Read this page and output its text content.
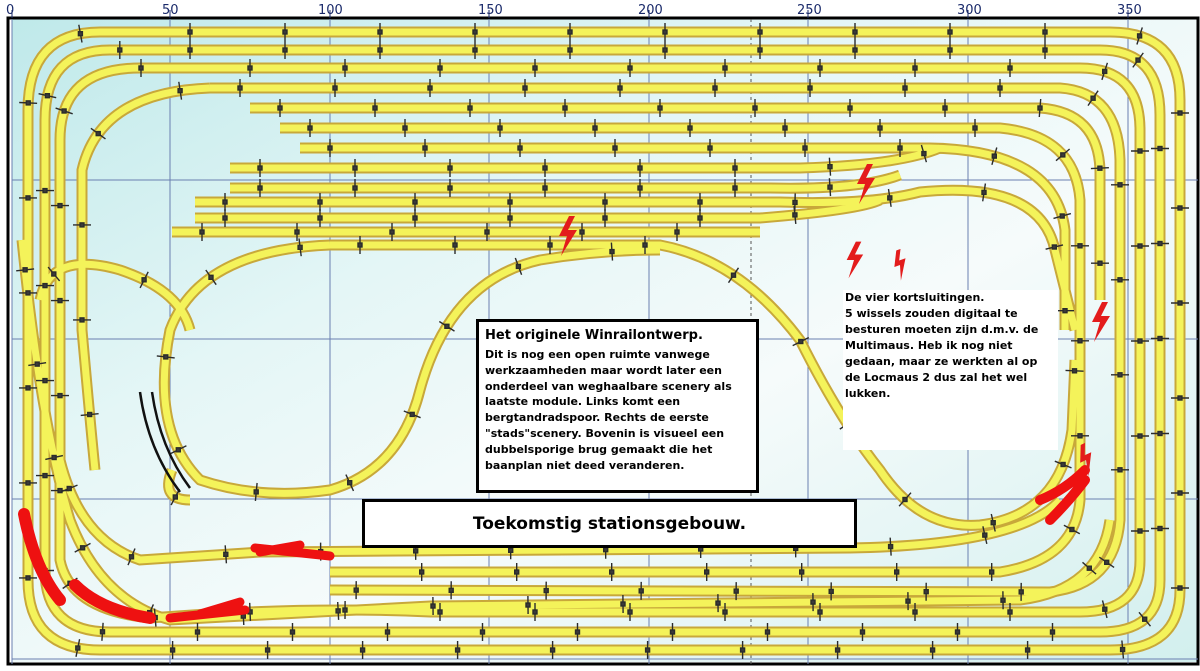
0	50	100	150	200	250	300	350
Het originele Winrailontwerp.
Dit is nog een open ruimte vanwege
werkzaamheden maar wordt later een
onderdeel van weghaalbare scenery als
laatste module. Links komt een
bergtandradspoor. Rechts de eerste
"stads"scenery. Bovenin is visueel een
dubbelsporige brug gemaakt die het
baanplan niet deed veranderen.
Toekomstig stationsgebouw.
De vier kortsluitingen.
5 wissels zouden digitaal te
besturen moeten zijn d.m.v. de
Multimaus. Heb ik nog niet
gedaan, maar ze werkten al op
de Locmaus 2 dus zal het wel
lukken.
